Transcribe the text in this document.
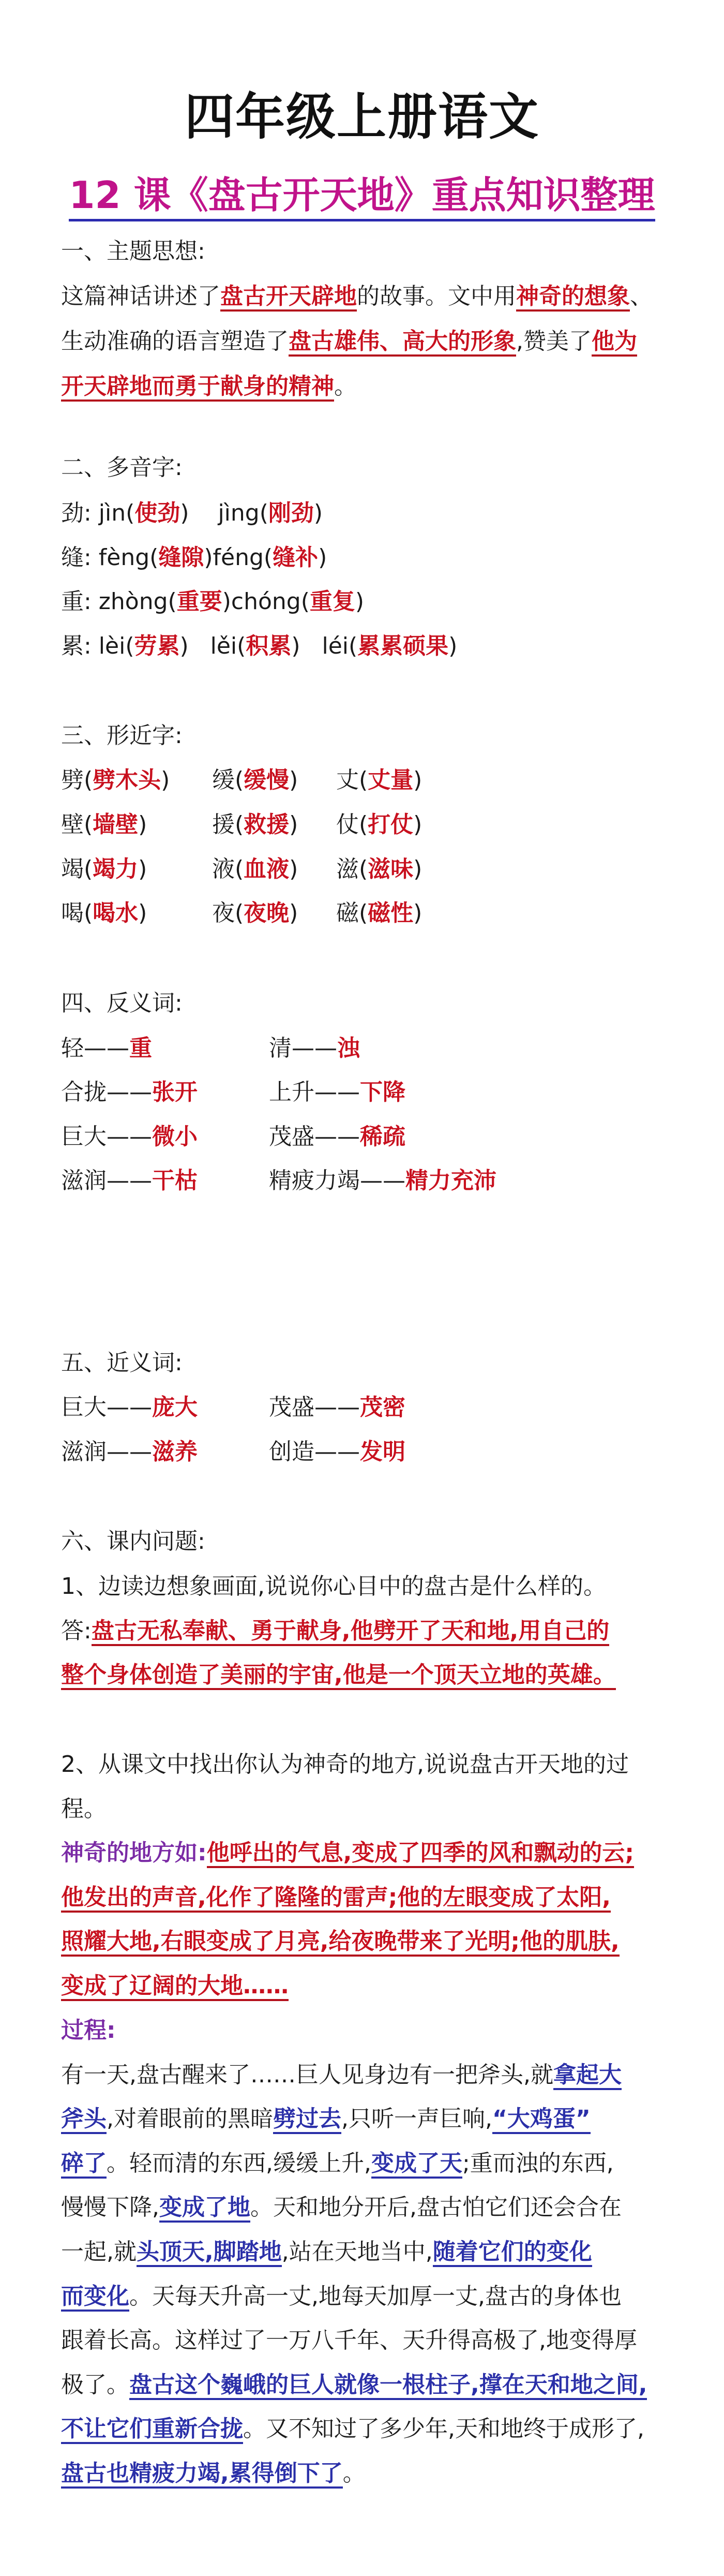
四年级上册语文
12 课《盘古开天地》重点知识整理
一、主题思想:
这篇神话讲述了盘古开天辟地的故事。文中用神奇的想象、
生动准确的语言塑造了盘古雄伟、高大的形象,赞美了他为
开天辟地而勇于献身的精神。
二、多音字:
劲: jìn(使劲) jìng(刚劲)
缝: fèng(缝隙)féng(缝补)
重: zhòng(重要)chóng(重复)
累: lèi(劳累) lěi(积累) léi(累累硕果)
三、形近字:
劈(劈木头) 缓(缓慢) 丈(丈量)
壁(墙壁)	援(救援) 仗(打仗)
竭(竭力)	液(血液) 滋(滋味)
喝(喝水)	夜(夜晚) 磁(磁性)
四、反义词:
轻——重	清——浊
合拢——张开	上升——下降
巨大——微小	茂盛——稀疏
滋润——干枯	精疲力竭——精力充沛
五、近义词:
巨大——庞大	茂盛——茂密
滋润——滋养	创造——发明
六、课内问题:
1、边读边想象画面,说说你心目中的盘古是什么样的。
答:盘古无私奉献、勇于献身,他劈开了天和地,用自己的
整个身体创造了美丽的宇宙,他是一个顶天立地的英雄。
2、从课文中找出你认为神奇的地方,说说盘古开天地的过
程。
神奇的地方如:他呼出的气息,变成了四季的风和飘动的云;
他发出的声音,化作了隆隆的雷声;他的左眼变成了太阳,
照耀大地,右眼变成了月亮,给夜晚带来了光明;他的肌肤,
变成了辽阔的大地……
过程:
有一天,盘古醒来了……巨人见身边有一把斧头,就拿起大
斧头,对着眼前的黑暗劈过去,只听一声巨响,“大鸡蛋”
碎了。轻而清的东西,缓缓上升,变成了天;重而浊的东西,
慢慢下降,变成了地。天和地分开后,盘古怕它们还会合在
一起,就头顶天,脚踏地,站在天地当中,随着它们的变化
而变化。天每天升高一丈,地每天加厚一丈,盘古的身体也
跟着长高。这样过了一万八千年、天升得高极了,地变得厚
极了。盘古这个巍峨的巨人就像一根柱子,撑在天和地之间,
不让它们重新合拢。又不知过了多少年,天和地终于成形了,
盘古也精疲力竭,累得倒下了。
